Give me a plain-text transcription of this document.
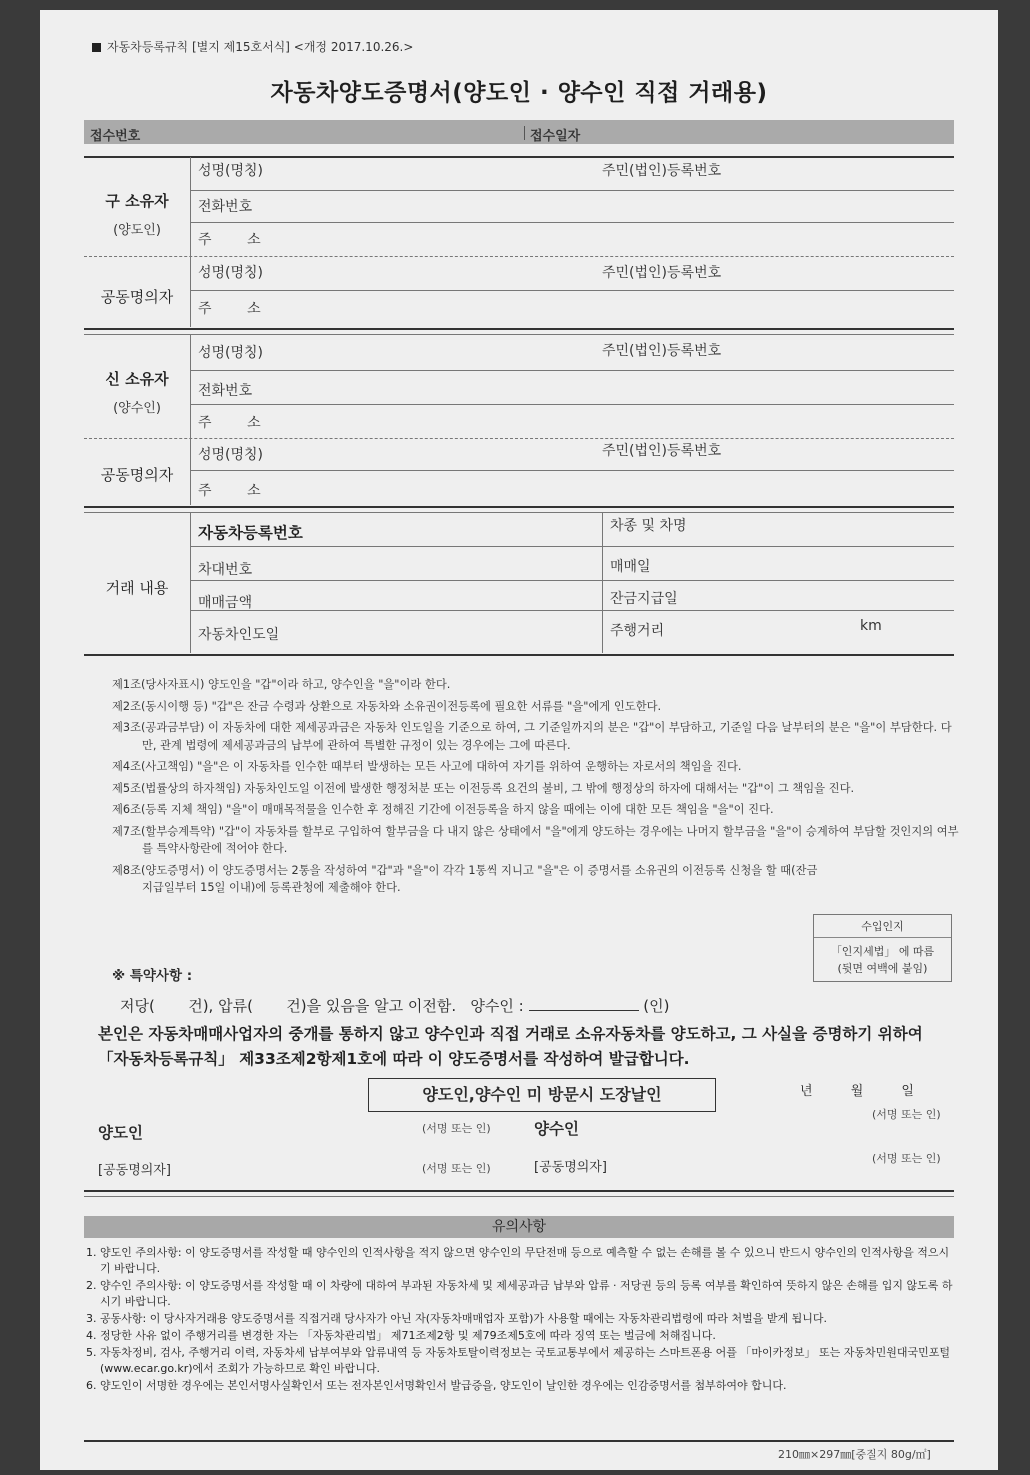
자동차등록규칙 [별지 제15호서식] <개정 2017.10.26.>
자동차양도증명서(양도인 · 양수인 직접 거래용)
접수번호	접수일자
구 소유자
(양도인)
성명(명칭)	주민(법인)등록번호
전화번호
주        소
공동명의자
성명(명칭)	주민(법인)등록번호
주        소
신 소유자
(양수인)
성명(명칭)	주민(법인)등록번호
전화번호
주        소
공동명의자
성명(명칭)	주민(법인)등록번호
주        소
거래 내용
자동차등록번호	차종 및 차명
차대번호	매매일
매매금액	잔금지급일
자동차인도일	주행거리	km

제1조(당사자표시) 양도인을 "갑"이라 하고, 양수인을 "을"이라 한다.

제2조(동시이행 등) "갑"은 잔금 수령과 상환으로 자동차와 소유권이전등록에 필요한 서류를 "을"에게 인도한다.

제3조(공과금부담) 이 자동차에 대한 제세공과금은 자동차 인도일을 기준으로 하여, 그 기준일까지의 분은 "갑"이 부담하고, 기준일 다음 날부터의 분은 "을"이 부담한다. 다만, 관계 법령에 제세공과금의 납부에 관하여 특별한 규정이 있는 경우에는 그에 따른다.

제4조(사고책임) "을"은 이 자동차를 인수한 때부터 발생하는 모든 사고에 대하여 자기를 위하여 운행하는 자로서의 책임을 진다.

제5조(법률상의 하자책임) 자동차인도일 이전에 발생한 행정처분 또는 이전등록 요건의 불비, 그 밖에 행정상의 하자에 대해서는 "갑"이 그 책임을 진다.

제6조(등록 지체 책임) "을"이 매매목적물을 인수한 후 정해진 기간에 이전등록을 하지 않을 때에는 이에 대한 모든 책임을 "을"이 진다.

제7조(할부승계특약) "갑"이 자동차를 할부로 구입하여 할부금을 다 내지 않은 상태에서 "을"에게 양도하는 경우에는 나머지 할부금을 "을"이 승계하여 부담할 것인지의 여부를 특약사항란에 적어야 한다.

제8조(양도증명서) 이 양도증명서는 2통을 작성하여 "갑"과 "을"이 각각 1통씩 지니고 "을"은 이 증명서를 소유권의 이전등록 신청을 할 때(잔금지급일부터 15일 이내)에 등록관청에 제출해야 한다.

수입인지
「인지세법」 에 따름
(뒷면 여백에 붙임)
※ 특약사항 :
저당(       건), 압류(       건)을 있음을 알고 이전함.   양수인 :	(인)
본인은 자동차매매사업자의 중개를 통하지 않고 양수인과 직접 거래로 소유자동차를 양도하고, 그 사실을 증명하기 위하여 「자동차등록규칙」 제33조제2항제1호에 따라 이 양도증명서를 작성하여 발급합니다.
양도인,양수인 미 방문시 도장날인	년 월 일
(서명 또는 인)
양도인	(서명 또는 인)	양수인
(서명 또는 인)
[공동명의자]	(서명 또는 인)	[공동명의자]
유의사항

1. 양도인 주의사항: 이 양도증명서를 작성할 때 양수인의 인적사항을 적지 않으면 양수인의 무단전매 등으로 예측할 수 없는 손해를 볼 수 있으니 반드시 양수인의 인적사항을 적으시기 바랍니다.

2. 양수인 주의사항: 이 양도증명서를 작성할 때 이 차량에 대하여 부과된 자동차세 및 제세공과금 납부와 압류 · 저당권 등의 등록 여부를 확인하여 뜻하지 않은 손해를 입지 않도록 하시기 바랍니다.

3. 공동사항: 이 당사자거래용 양도증명서를 직접거래 당사자가 아닌 자(자동차매매업자 포함)가 사용할 때에는 자동차관리법령에 따라 처벌을 받게 됩니다.

4. 정당한 사유 없이 주행거리를 변경한 자는 「자동차관리법」 제71조제2항 및 제79조제5호에 따라 징역 또는 벌금에 처해집니다.

5. 자동차정비, 검사, 주행거리 이력, 자동차세 납부여부와 압류내역 등 자동차토탈이력정보는 국토교통부에서 제공하는 스마트폰용 어플 「마이카정보」 또는 자동차민원대국민포털(www.ecar.go.kr)에서 조회가 가능하므로 확인 바랍니다.

6. 양도인이 서명한 경우에는 본인서명사실확인서 또는 전자본인서명확인서 발급증을, 양도인이 날인한 경우에는 인감증명서를 첨부하여야 합니다.

210㎜×297㎜[중질지 80g/㎡]
